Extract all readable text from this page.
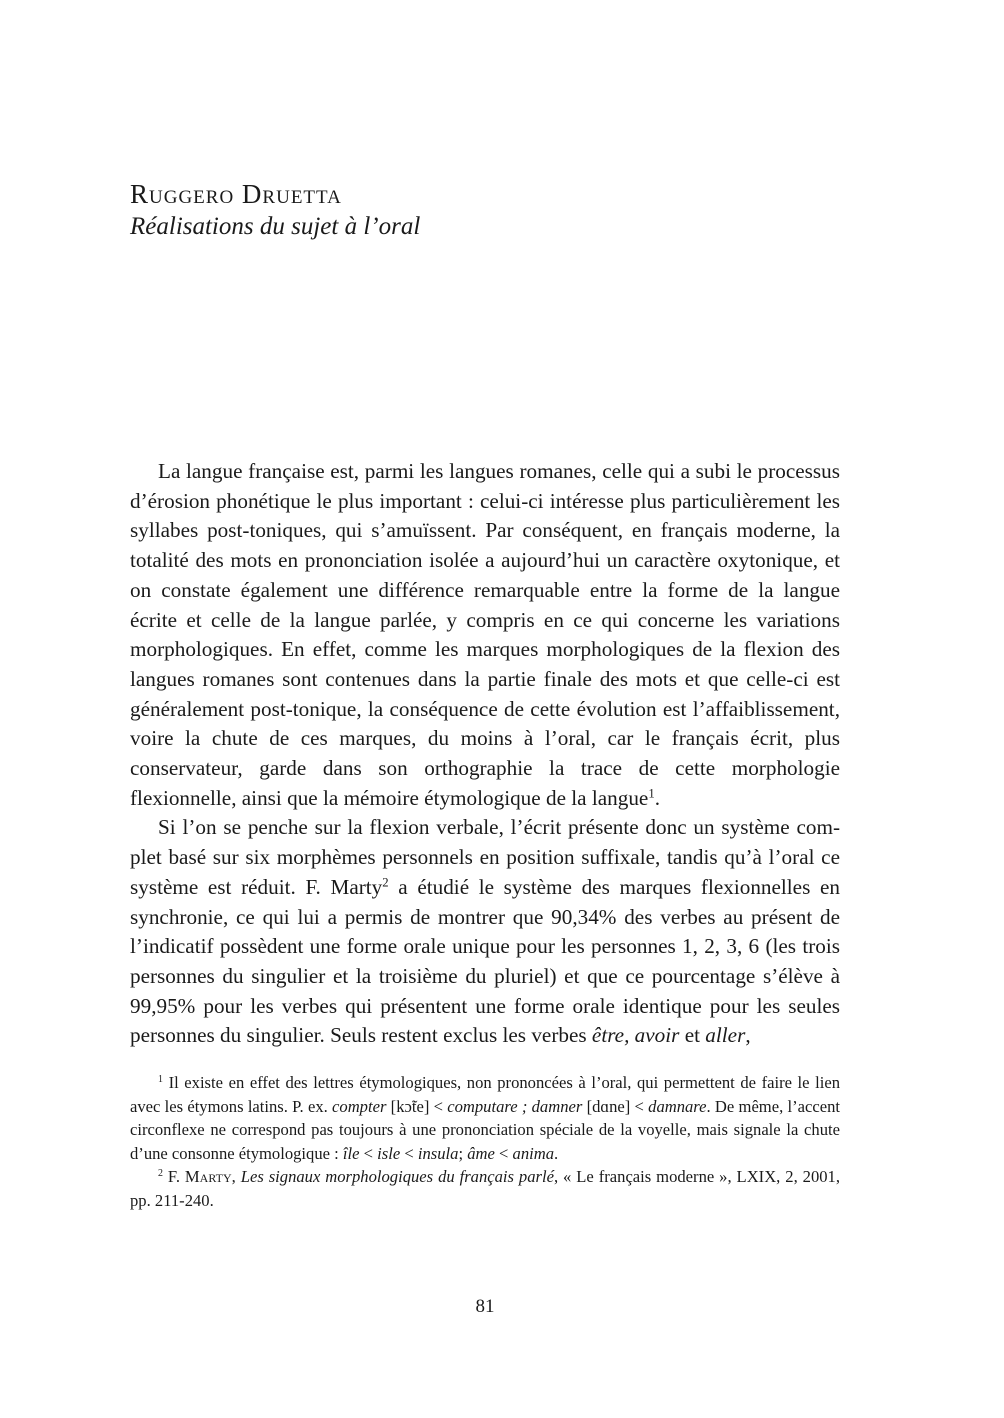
Ruggero Druetta
Réalisations du sujet à l’oral

La langue française est, parmi les langues romanes, celle qui a subi le processus d’érosion phonétique le plus important : celui-ci intéresse plus particulièrement les syllabes post-toniques, qui s’amuïssent. Par conséquent, en français moderne, la totalité des mots en prononciation isolée a aujourd’hui un caractère oxytonique, et on constate également une différence remarquable entre la forme de la langue écrite et celle de la langue parlée, y compris en ce qui concerne les variations morphologiques. En effet, comme les marques morphologiques de la flexion des langues romanes sont contenues dans la partie finale des mots et que celle-ci est généralement post-tonique, la conséquence de cette évolution est l’affaiblissement, voire la chute de ces marques, du moins à l’oral, car le français écrit, plus conservateur, garde dans son orthographie la trace de cette morphologie flexionnelle, ainsi que la mémoire étymologique de la langue$^1$.

Si l’on se penche sur la flexion verbale, l’écrit présente donc un système complet basé sur six morphèmes personnels en position suffixale, tandis qu’à l’oral ce système est réduit. F. Marty$^2$ a étudié le système des marques flexionnelles en synchronie, ce qui lui a permis de montrer que 90,34% des verbes au présent de l’indicatif possèdent une forme orale unique pour les personnes 1, 2, 3, 6 (les trois personnes du singulier et la troisième du pluriel) et que ce pourcentage s’élève à 99,95% pour les verbes qui présentent une forme orale identique pour les seules personnes du singulier. Seuls restent exclus les verbes être, avoir et aller,

$^1$ Il existe en effet des lettres étymologiques, non prononcées à l’oral, qui permettent de faire le lien avec les étymons latins. P. ex. compter [kɔ̃te] < computare ; damner [dɑne] < damnare. De même, l’accent circonflexe ne correspond pas toujours à une prononciation spéciale de la voyelle, mais signale la chute d’une consonne étymologique : île < isle < insula; âme < anima.

$^2$ F. Marty, Les signaux morphologiques du français parlé, « Le français moderne », LXIX, 2, 2001, pp. 211-240.

81
